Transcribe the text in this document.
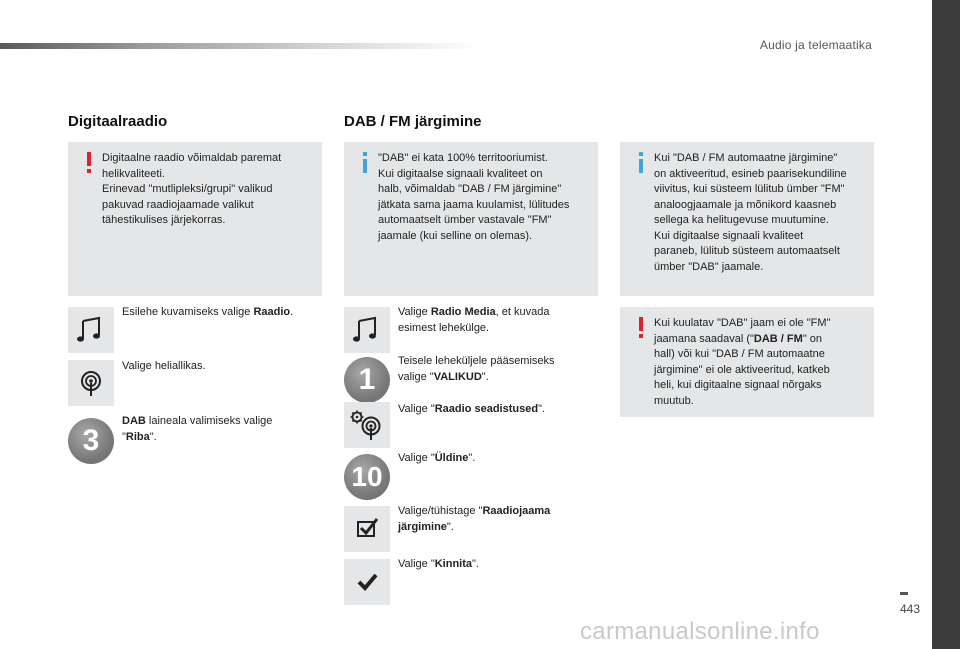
Audio ja telemaatika
Digitaalraadio
Digitaalne raadio võimaldab paremat
helikvaliteeti.
Erinevad "mutlipleksi/grupi" valikud
pakuvad raadiojaamade valikut
tähestikulises järjekorras.
Esilehe kuvamiseks valige Raadio.
Valige heliallikas.
3
DAB laineala valimiseks valige
"Riba".
DAB / FM järgimine
"DAB" ei kata 100% territooriumist.
Kui digitaalse signaali kvaliteet on
halb, võimaldab "DAB / FM järgimine"
jätkata sama jaama kuulamist, lülitudes
automaatselt ümber vastavale "FM"
jaamale (kui selline on olemas).
Valige Radio Media, et kuvada
esimest lehekülge.
1
Teisele leheküljele pääsemiseks
valige "VALIKUD".
Valige "Raadio seadistused".
10
Valige "Üldine".
Valige/tühistage "Raadiojaama
järgimine".
Valige "Kinnita".
Kui "DAB / FM automaatne järgimine"
on aktiveeritud, esineb paarisekundiline
viivitus, kui süsteem lülitub ümber "FM"
analoogjaamale ja mõnikord kaasneb
sellega ka helitugevuse muutumine.
Kui digitaalse signaali kvaliteet
paraneb, lülitub süsteem automaatselt
ümber "DAB" jaamale.
Kui kuulatav "DAB" jaam ei ole "FM"
jaamana saadaval ("DAB / FM" on
hall) või kui "DAB / FM automaatne
järgimine" ei ole aktiveeritud, katkeb
heli, kui digitaalne signaal nõrgaks
muutub.
443
carmanualsonline.info
